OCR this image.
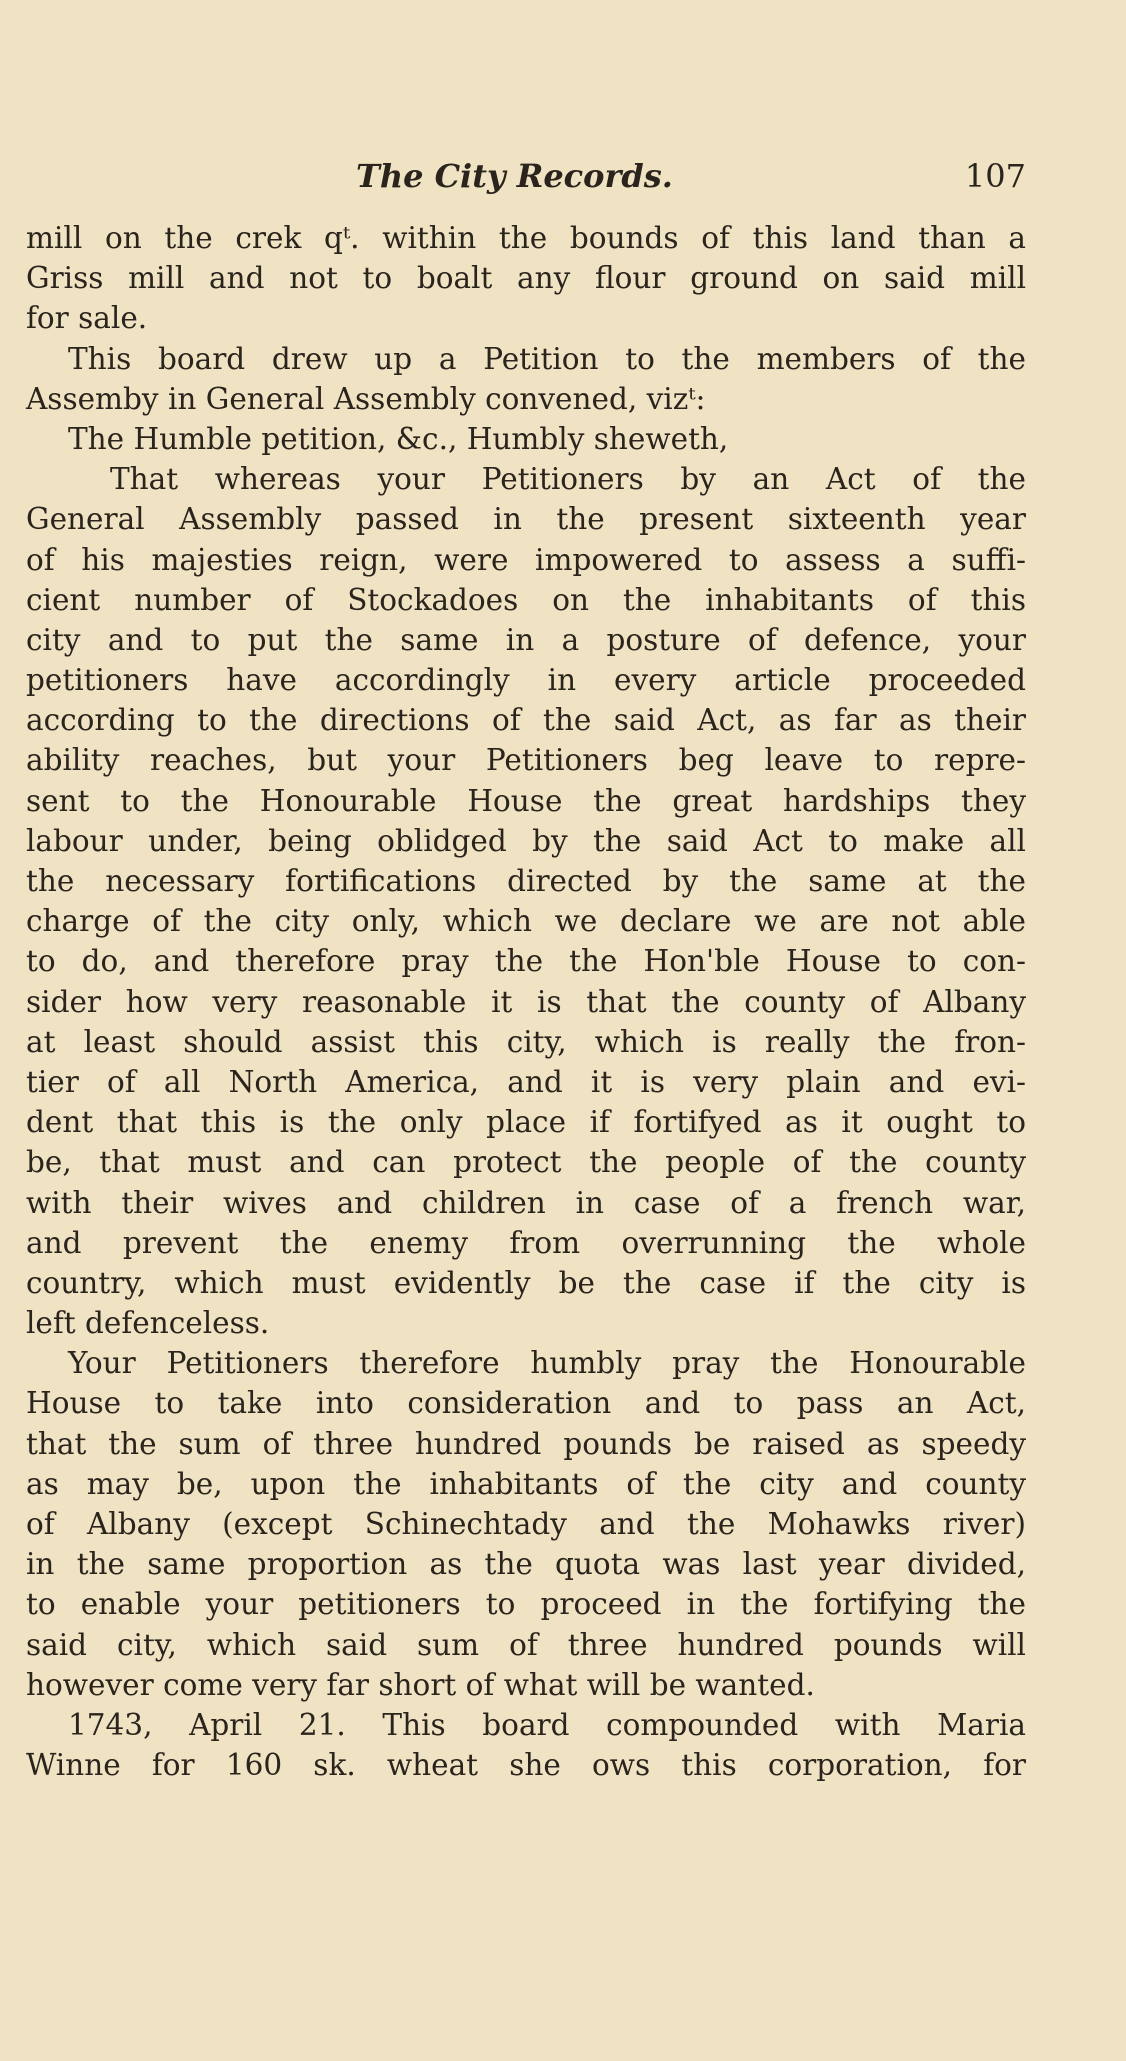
The City Records.	107
mill on the crek qᵗ. within the bounds of this land than a
Griss mill and not to boalt any flour ground on said mill
for sale.
This board drew up a Petition to the members of the
Assemby in General Assembly convened, vizᵗ:
The Humble petition, &c., Humbly sheweth,
That whereas your Petitioners by an Act of the
General Assembly passed in the present sixteenth year
of his majesties reign, were impowered to assess a suffi-
cient number of Stockadoes on the inhabitants of this
city and to put the same in a posture of defence, your
petitioners have accordingly in every article proceeded
according to the directions of the said Act, as far as their
ability reaches, but your Petitioners beg leave to repre-
sent to the Honourable House the great hardships they
labour under, being oblidged by the said Act to make all
the necessary fortifications directed by the same at the
charge of the city only, which we declare we are not able
to do, and therefore pray the the Hon'ble House to con-
sider how very reasonable it is that the county of Albany
at least should assist this city, which is really the fron-
tier of all North America, and it is very plain and evi-
dent that this is the only place if fortifyed as it ought to
be, that must and can protect the people of the county
with their wives and children in case of a french war,
and prevent the enemy from overrunning the whole
country, which must evidently be the case if the city is
left defenceless.
Your Petitioners therefore humbly pray the Honourable
House to take into consideration and to pass an Act,
that the sum of three hundred pounds be raised as speedy
as may be, upon the inhabitants of the city and county
of Albany (except Schinechtady and the Mohawks river)
in the same proportion as the quota was last year divided,
to enable your petitioners to proceed in the fortifying the
said city, which said sum of three hundred pounds will
however come very far short of what will be wanted.
1743, April 21. This board compounded with Maria
Winne for 160 sk. wheat she ows this corporation, for
